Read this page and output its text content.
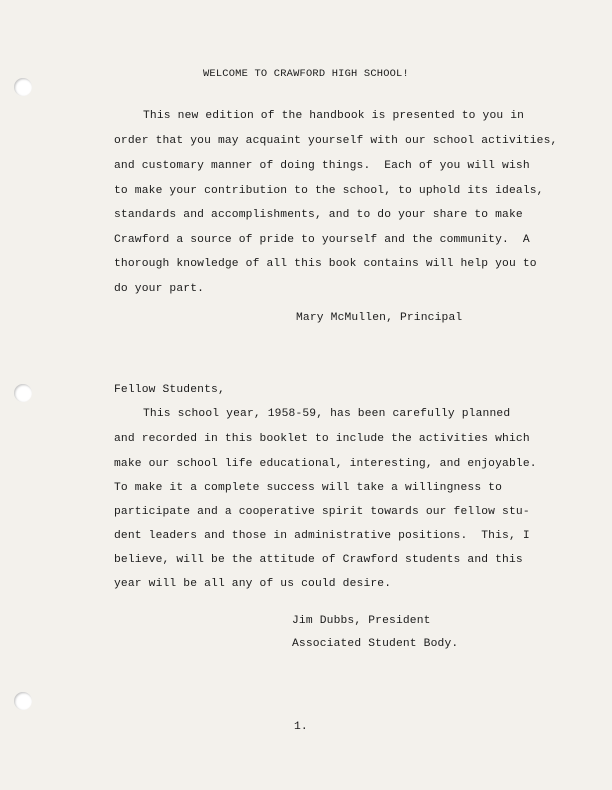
WELCOME TO CRAWFORD HIGH SCHOOL!
This new edition of the handbook is presented to you in
order that you may acquaint yourself with our school activities,
and customary manner of doing things.  Each of you will wish
to make your contribution to the school, to uphold its ideals,
standards and accomplishments, and to do your share to make
Crawford a source of pride to yourself and the community.  A
thorough knowledge of all this book contains will help you to
do your part.
Mary McMullen, Principal
Fellow Students,
This school year, 1958-59, has been carefully planned
and recorded in this booklet to include the activities which
make our school life educational, interesting, and enjoyable.
To make it a complete success will take a willingness to
participate and a cooperative spirit towards our fellow stu-
dent leaders and those in administrative positions.  This, I
believe, will be the attitude of Crawford students and this
year will be all any of us could desire.
Jim Dubbs, President
Associated Student Body.
1.
